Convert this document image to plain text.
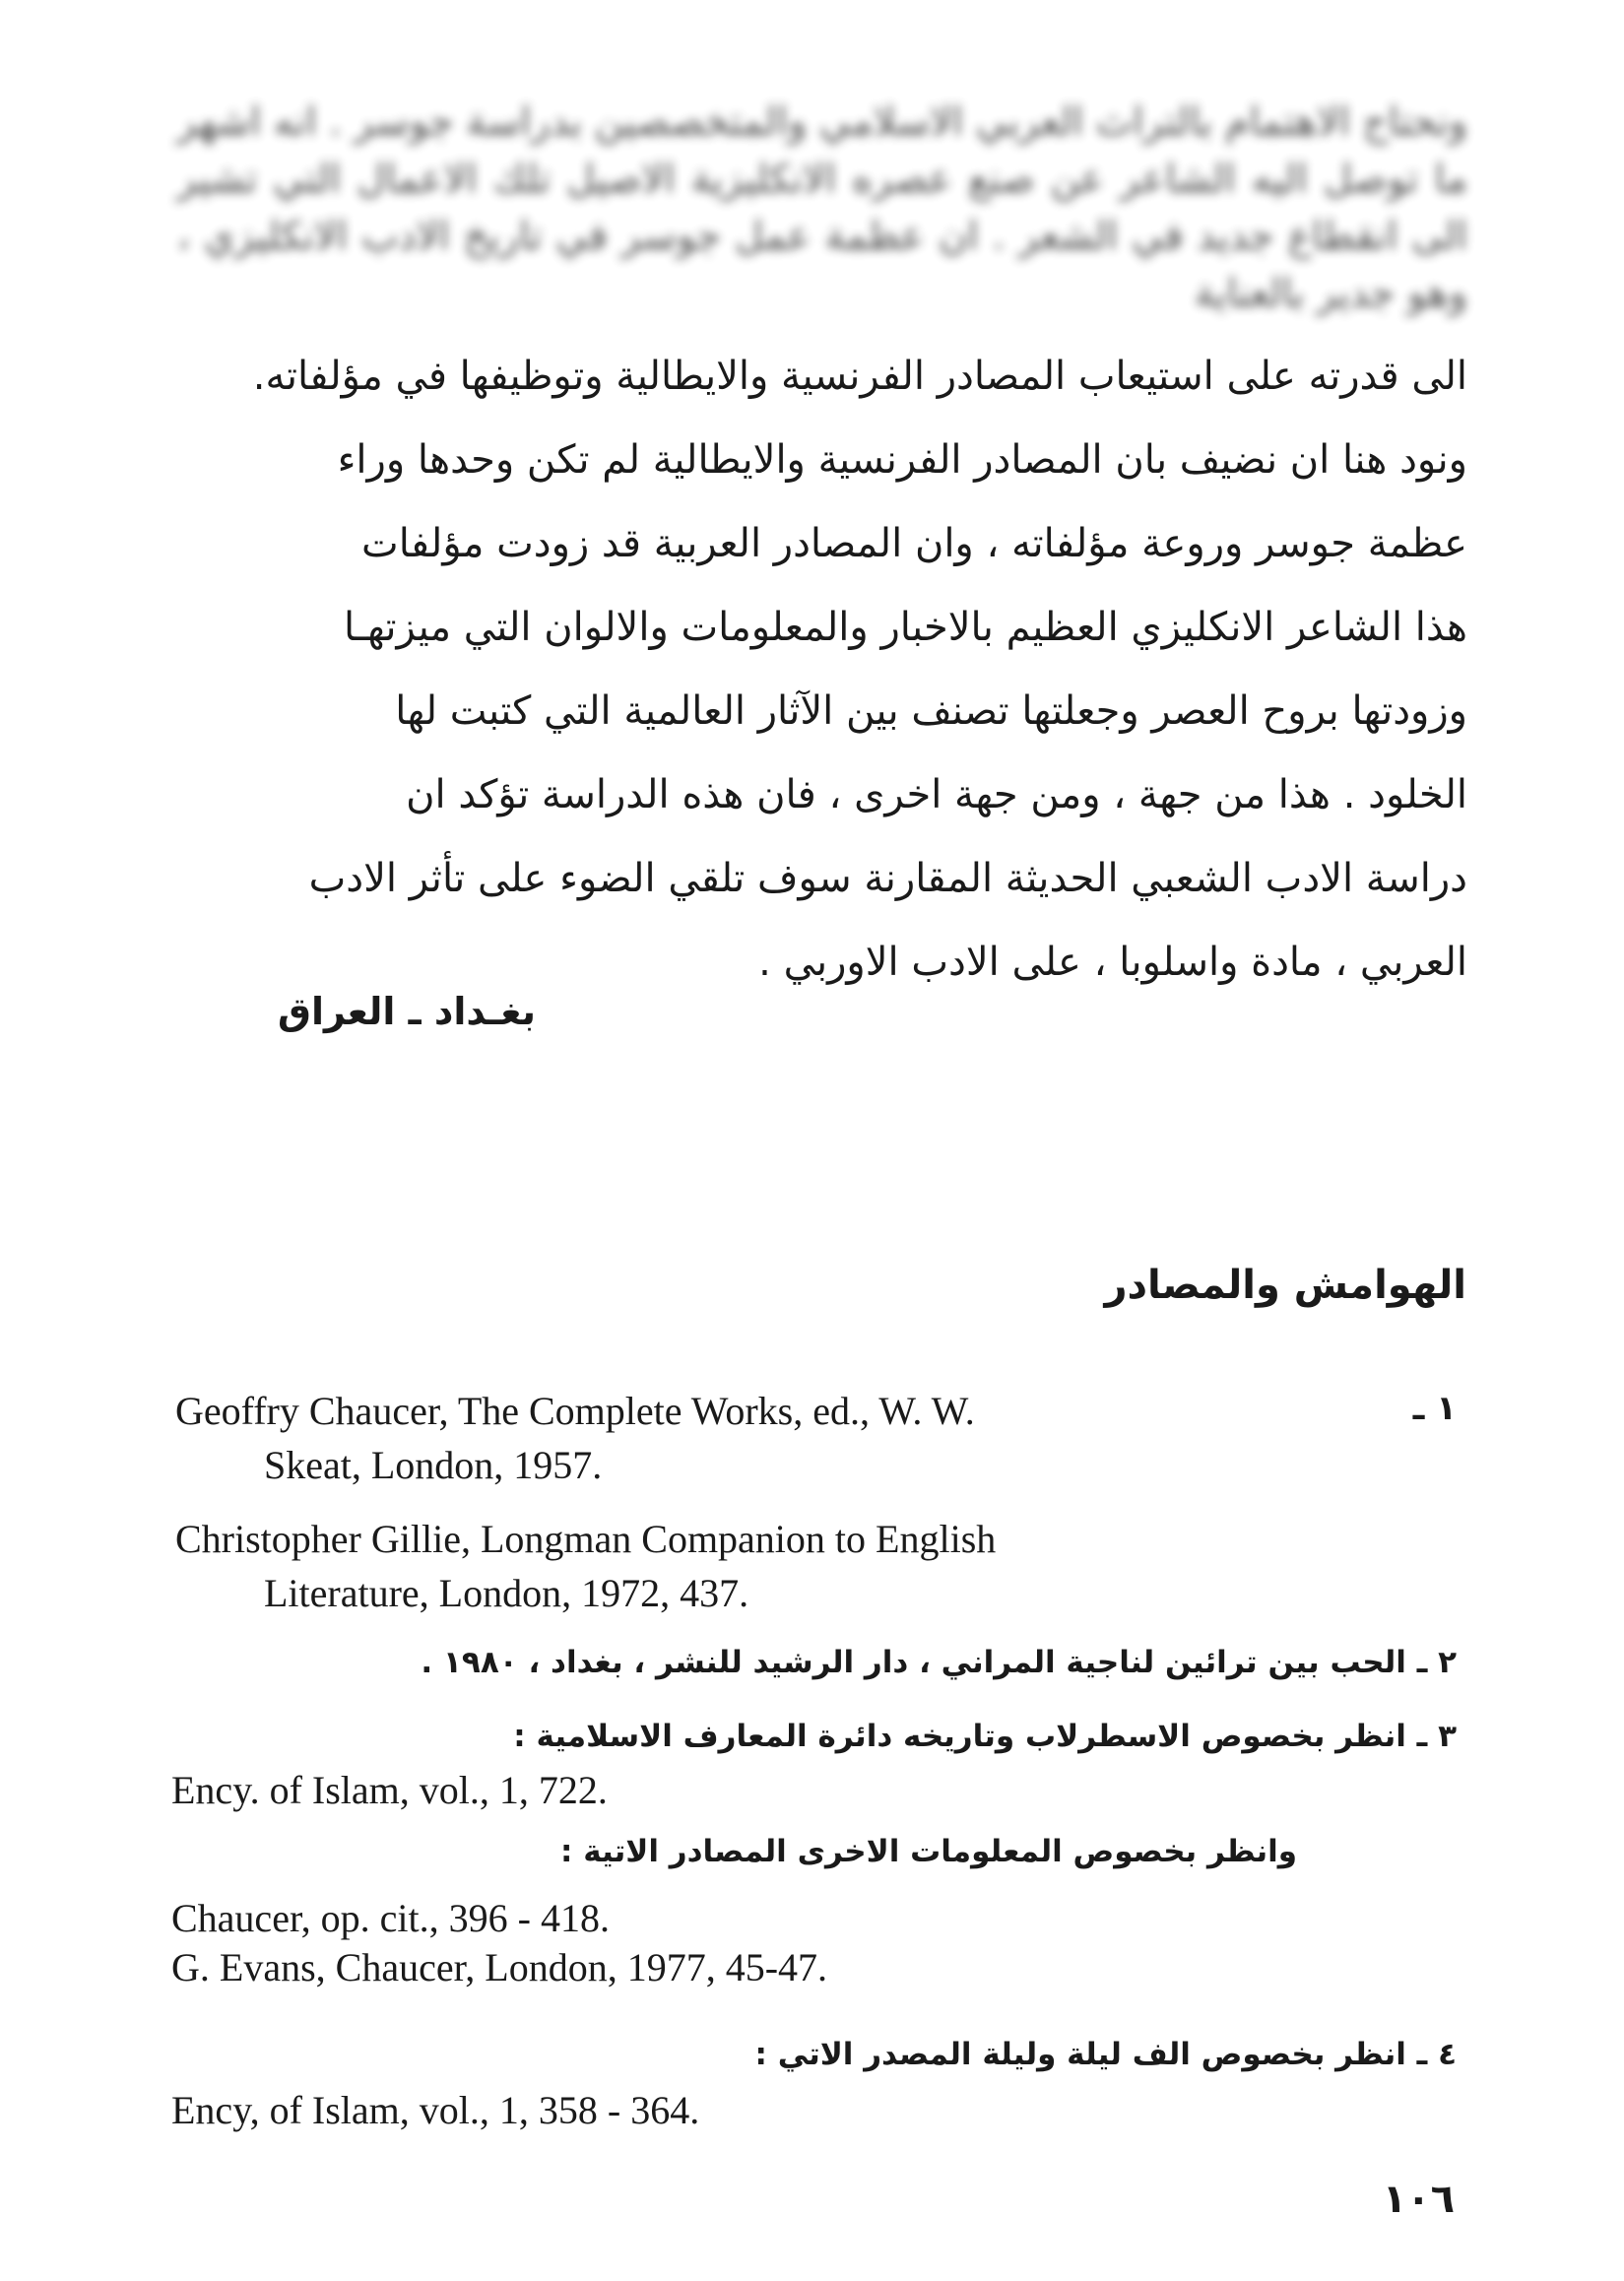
ونحتاج الاهتمام بالتراث العربي الاسلامي والمتخصصين بدراسة جوسر . انه اشهر ما توصل اليه الشاعر عن صنع عصره الانكليزية الاصيل تلك الاعمال التي تشير الى انقطاع جديد في الشعر . ان عظمة عمل جوسر في تاريخ الادب الانكليزي ، وهو جدير بالعناية
الى قدرته على استيعاب المصادر الفرنسية والايطالية وتوظيفها في مؤلفاته.
ونود هنا ان نضيف بان المصادر الفرنسية والايطالية لم تكن وحدها وراء
عظمة جوسر وروعة مؤلفاته ، وان المصادر العربية قد زودت مؤلفات
هذا الشاعر الانكليزي العظيم بالاخبار والمعلومات والالوان التي ميزتهـا
وزودتها بروح العصر وجعلتها تصنف بين الآثار العالمية التي كتبت لها
الخلود . هذا من جهة ، ومن جهة اخرى ، فان هذه الدراسة تؤكد ان
دراسة الادب الشعبي الحديثة المقارنة سوف تلقي الضوء على تأثر الادب
العربي ، مادة واسلوبا ، على الادب الاوربي .
بغـداد ـ العراق
الهوامش والمصادر
١ ـ
Geoffry Chaucer, The Complete Works, ed., W. W.
Skeat, London, 1957.
Christopher Gillie, Longman Companion to English
Literature, London, 1972, 437.
٢ ـ الحب بين ترائين لناجية المراني ، دار الرشيد للنشر ، بغداد ، ١٩٨٠ .
٣ ـ انظر بخصوص الاسطرلاب وتاريخه دائرة المعارف الاسلامية :
Ency. of Islam, vol., 1, 722.
وانظر بخصوص المعلومات الاخرى المصادر الاتية :
Chaucer, op. cit., 396 - 418.
G. Evans, Chaucer, London, 1977, 45-47.
٤ ـ انظر بخصوص الف ليلة وليلة المصدر الاتي :
Ency, of Islam, vol., 1, 358 - 364.
١٠٦
